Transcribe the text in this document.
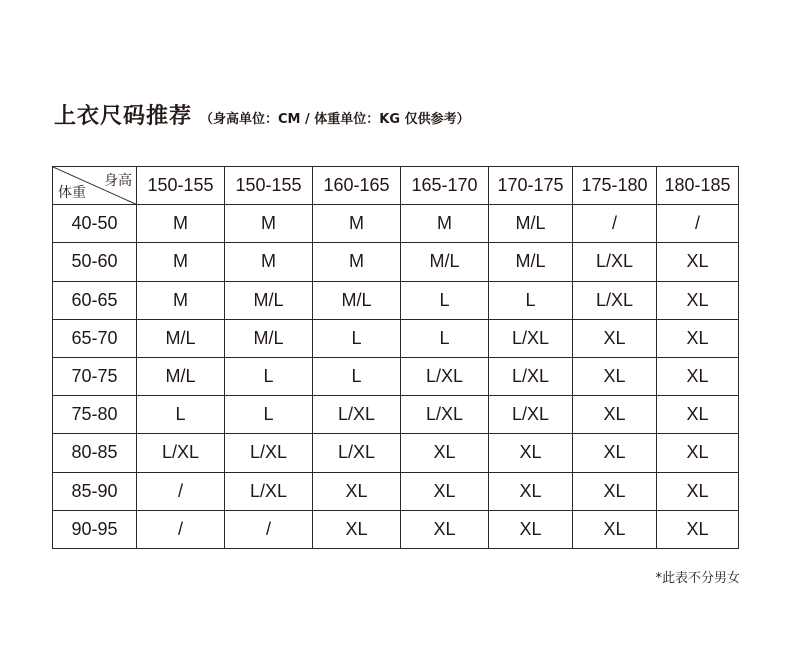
上衣尺码推荐 （身高单位：CM / 体重单位：KG 仅供参考）
身高
体重	150-155	150-155	160-165	165-170	170-175	175-180	180-185
40-50	M	M	M	M	M/L	/	/
50-60	M	M	M	M/L	M/L	L/XL	XL
60-65	M	M/L	M/L	L	L	L/XL	XL
65-70	M/L	M/L	L	L	L/XL	XL	XL
70-75	M/L	L	L	L/XL	L/XL	XL	XL
75-80	L	L	L/XL	L/XL	L/XL	XL	XL
80-85	L/XL	L/XL	L/XL	XL	XL	XL	XL
85-90	/	L/XL	XL	XL	XL	XL	XL
90-95	/	/	XL	XL	XL	XL	XL
*此表不分男女
